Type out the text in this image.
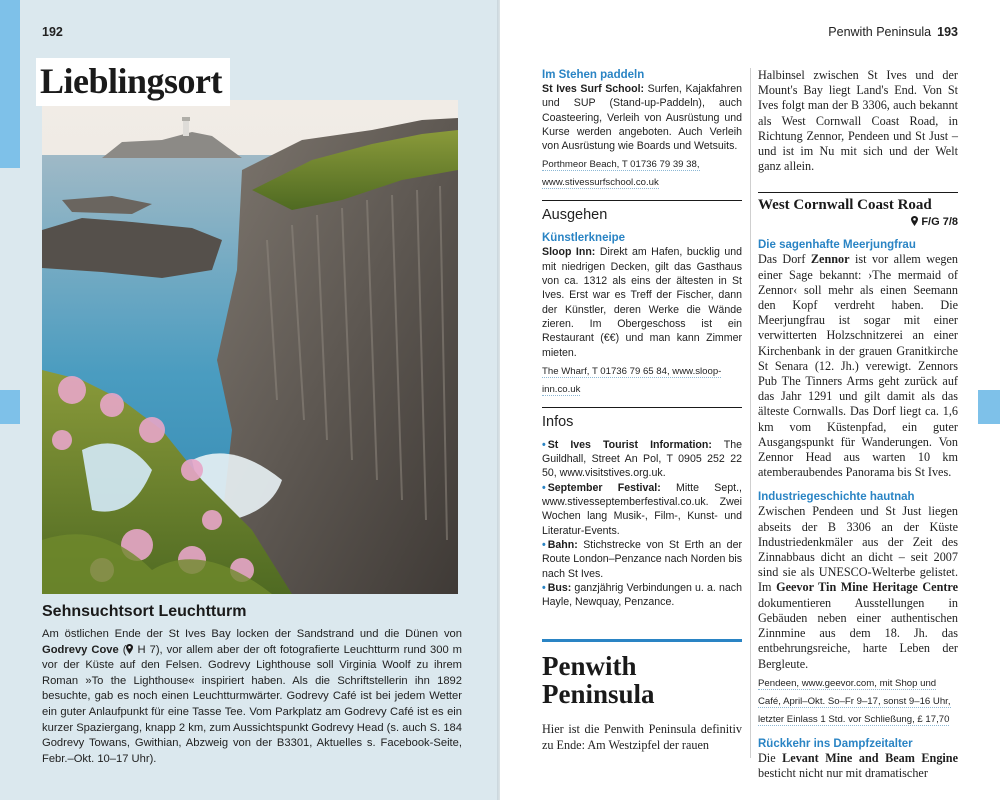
192
Lieblingsort
Sehnsuchtsort Leuchtturm

Am östlichen Ende der St Ives Bay locken der Sandstrand und die Dünen von Godrevy Cove ( H 7), vor allem aber der oft fotografierte Leuchtturm rund 300 m vor der Küste auf den Felsen. Godrevy Lighthouse soll Virginia Woolf zu ihrem Roman »To the Lighthouse« inspiriert haben. Als die Schriftstellerin ihn 1892 besuchte, gab es noch einen Leuchtturmwärter. Godrevy Café ist bei jedem Wetter ein guter Anlaufpunkt für eine Tasse Tee. Vom Parkplatz am Godrevy Café ist es ein kurzer Spaziergang, knapp 2 km, zum Aussichtspunkt Godrevy Head (s. auch S. 184 Godrevy Towans, Gwithian, Abzweig von der B3301, Aktuelles s. Facebook-Seite, Febr.–Okt. 10–17 Uhr).

Penwith Peninsula 193
Im Stehen paddeln

St Ives Surf School: Surfen, Kajakfahren und SUP (Stand-up-Paddeln), auch Coasteering, Verleih von Ausrüstung und Kurse werden angeboten. Auch Verleih von Ausrüstung wie Boards und Wetsuits.

Porthmeor Beach, T 01736 79 39 38, www.stivessurfschool.co.uk
Ausgehen
Künstlerkneipe

Sloop Inn: Direkt am Hafen, bucklig und mit niedrigen Decken, gilt das Gasthaus von ca. 1312 als eins der ältesten in St Ives. Erst war es Treff der Fischer, dann der Künstler, deren Werke die Wände zieren. Im Obergeschoss ist ein Restaurant (€€) und man kann Zimmer mieten.

The Wharf, T 01736 79 65 84, www.sloop-inn.co.uk
Infos

• St Ives Tourist Information: The Guildhall, Street An Pol, T 0905 252 22 50, www.visitstives.org.uk.

• September Festival: Mitte Sept., www.stivesseptemberfestival.co.uk. Zwei Wochen lang Musik-, Film-, Kunst- und Literatur-Events.

• Bahn: Stichstrecke von St Erth an der Route London–Penzance nach Norden bis nach St Ives.

• Bus: ganzjährig Verbindungen u. a. nach Hayle, Newquay, Penzance.

Penwith
Peninsula

Hier ist die Penwith Peninsula definitiv zu Ende: Am Westzipfel der rauen

Halbinsel zwischen St Ives und der Mount's Bay liegt Land's End. Von St Ives folgt man der B 3306, auch bekannt als West Cornwall Coast Road, in Richtung Zennor, Pendeen und St Just – und ist im Nu mit sich und der Welt ganz allein.

West Cornwall Coast Road
F/G 7/8
Die sagenhafte Meerjungfrau

Das Dorf Zennor ist vor allem wegen einer Sage bekannt: ›The mermaid of Zennor‹ soll mehr als einen Seemann den Kopf verdreht haben. Die Meerjungfrau ist sogar mit einer verwitterten Holzschnitzerei an einer Kirchenbank in der grauen Granitkirche St Senara (12. Jh.) verewigt. Zennors Pub The Tinners Arms geht zurück auf das Jahr 1291 und gilt damit als das älteste Cornwalls. Das Dorf liegt ca. 1,6 km vom Küstenpfad, ein guter Ausgangspunkt für Wanderungen. Von Zennor Head aus warten 10 km atemberaubendes Panorama bis St Ives.

Industriegeschichte hautnah

Zwischen Pendeen und St Just liegen abseits der B 3306 an der Küste Industriedenkmäler aus der Zeit des Zinnabbaus dicht an dicht – seit 2007 sind sie als UNESCO-Welterbe gelistet. Im Geevor Tin Mine Heritage Centre dokumentieren Ausstellungen in Gebäuden neben einer authentischen Zinnmine aus dem 18. Jh. das entbehrungsreiche, harte Leben der Bergleute.

Pendeen, www.geevor.com, mit Shop und Café, April–Okt. So–Fr 9–17, sonst 9–16 Uhr, letzter Einlass 1 Std. vor Schließung, £ 17,70
Rückkehr ins Dampfzeitalter

Die Levant Mine and Beam Engine besticht nicht nur mit dramatischer
